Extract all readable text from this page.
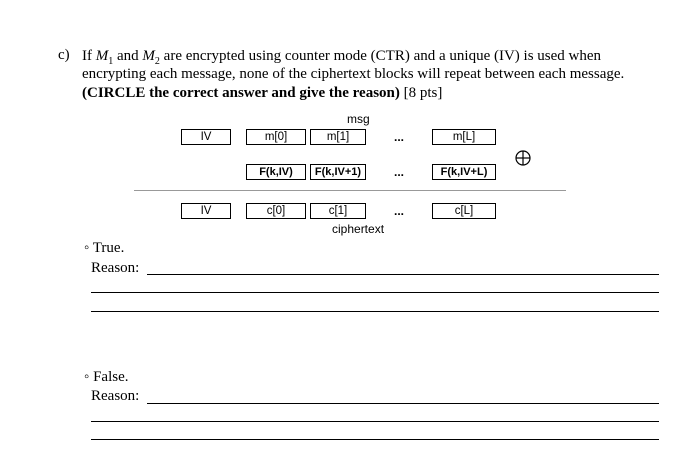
c) If $M_1$ and $M_2$ are encrypted using counter mode (CTR) and a unique (IV) is used when
encrypting each message, none of the ciphertext blocks will repeat between each message.
(CIRCLE the correct answer and give the reason) [8 pts]
msg
IV	m[0]	m[1]	...	m[L]
F(k,IV)	F(k,IV+1)	...	F(k,IV+L)
IV	c[0]	c[1]	...	c[L]
ciphertext
◦ True.
Reason:
◦ False.
Reason:
